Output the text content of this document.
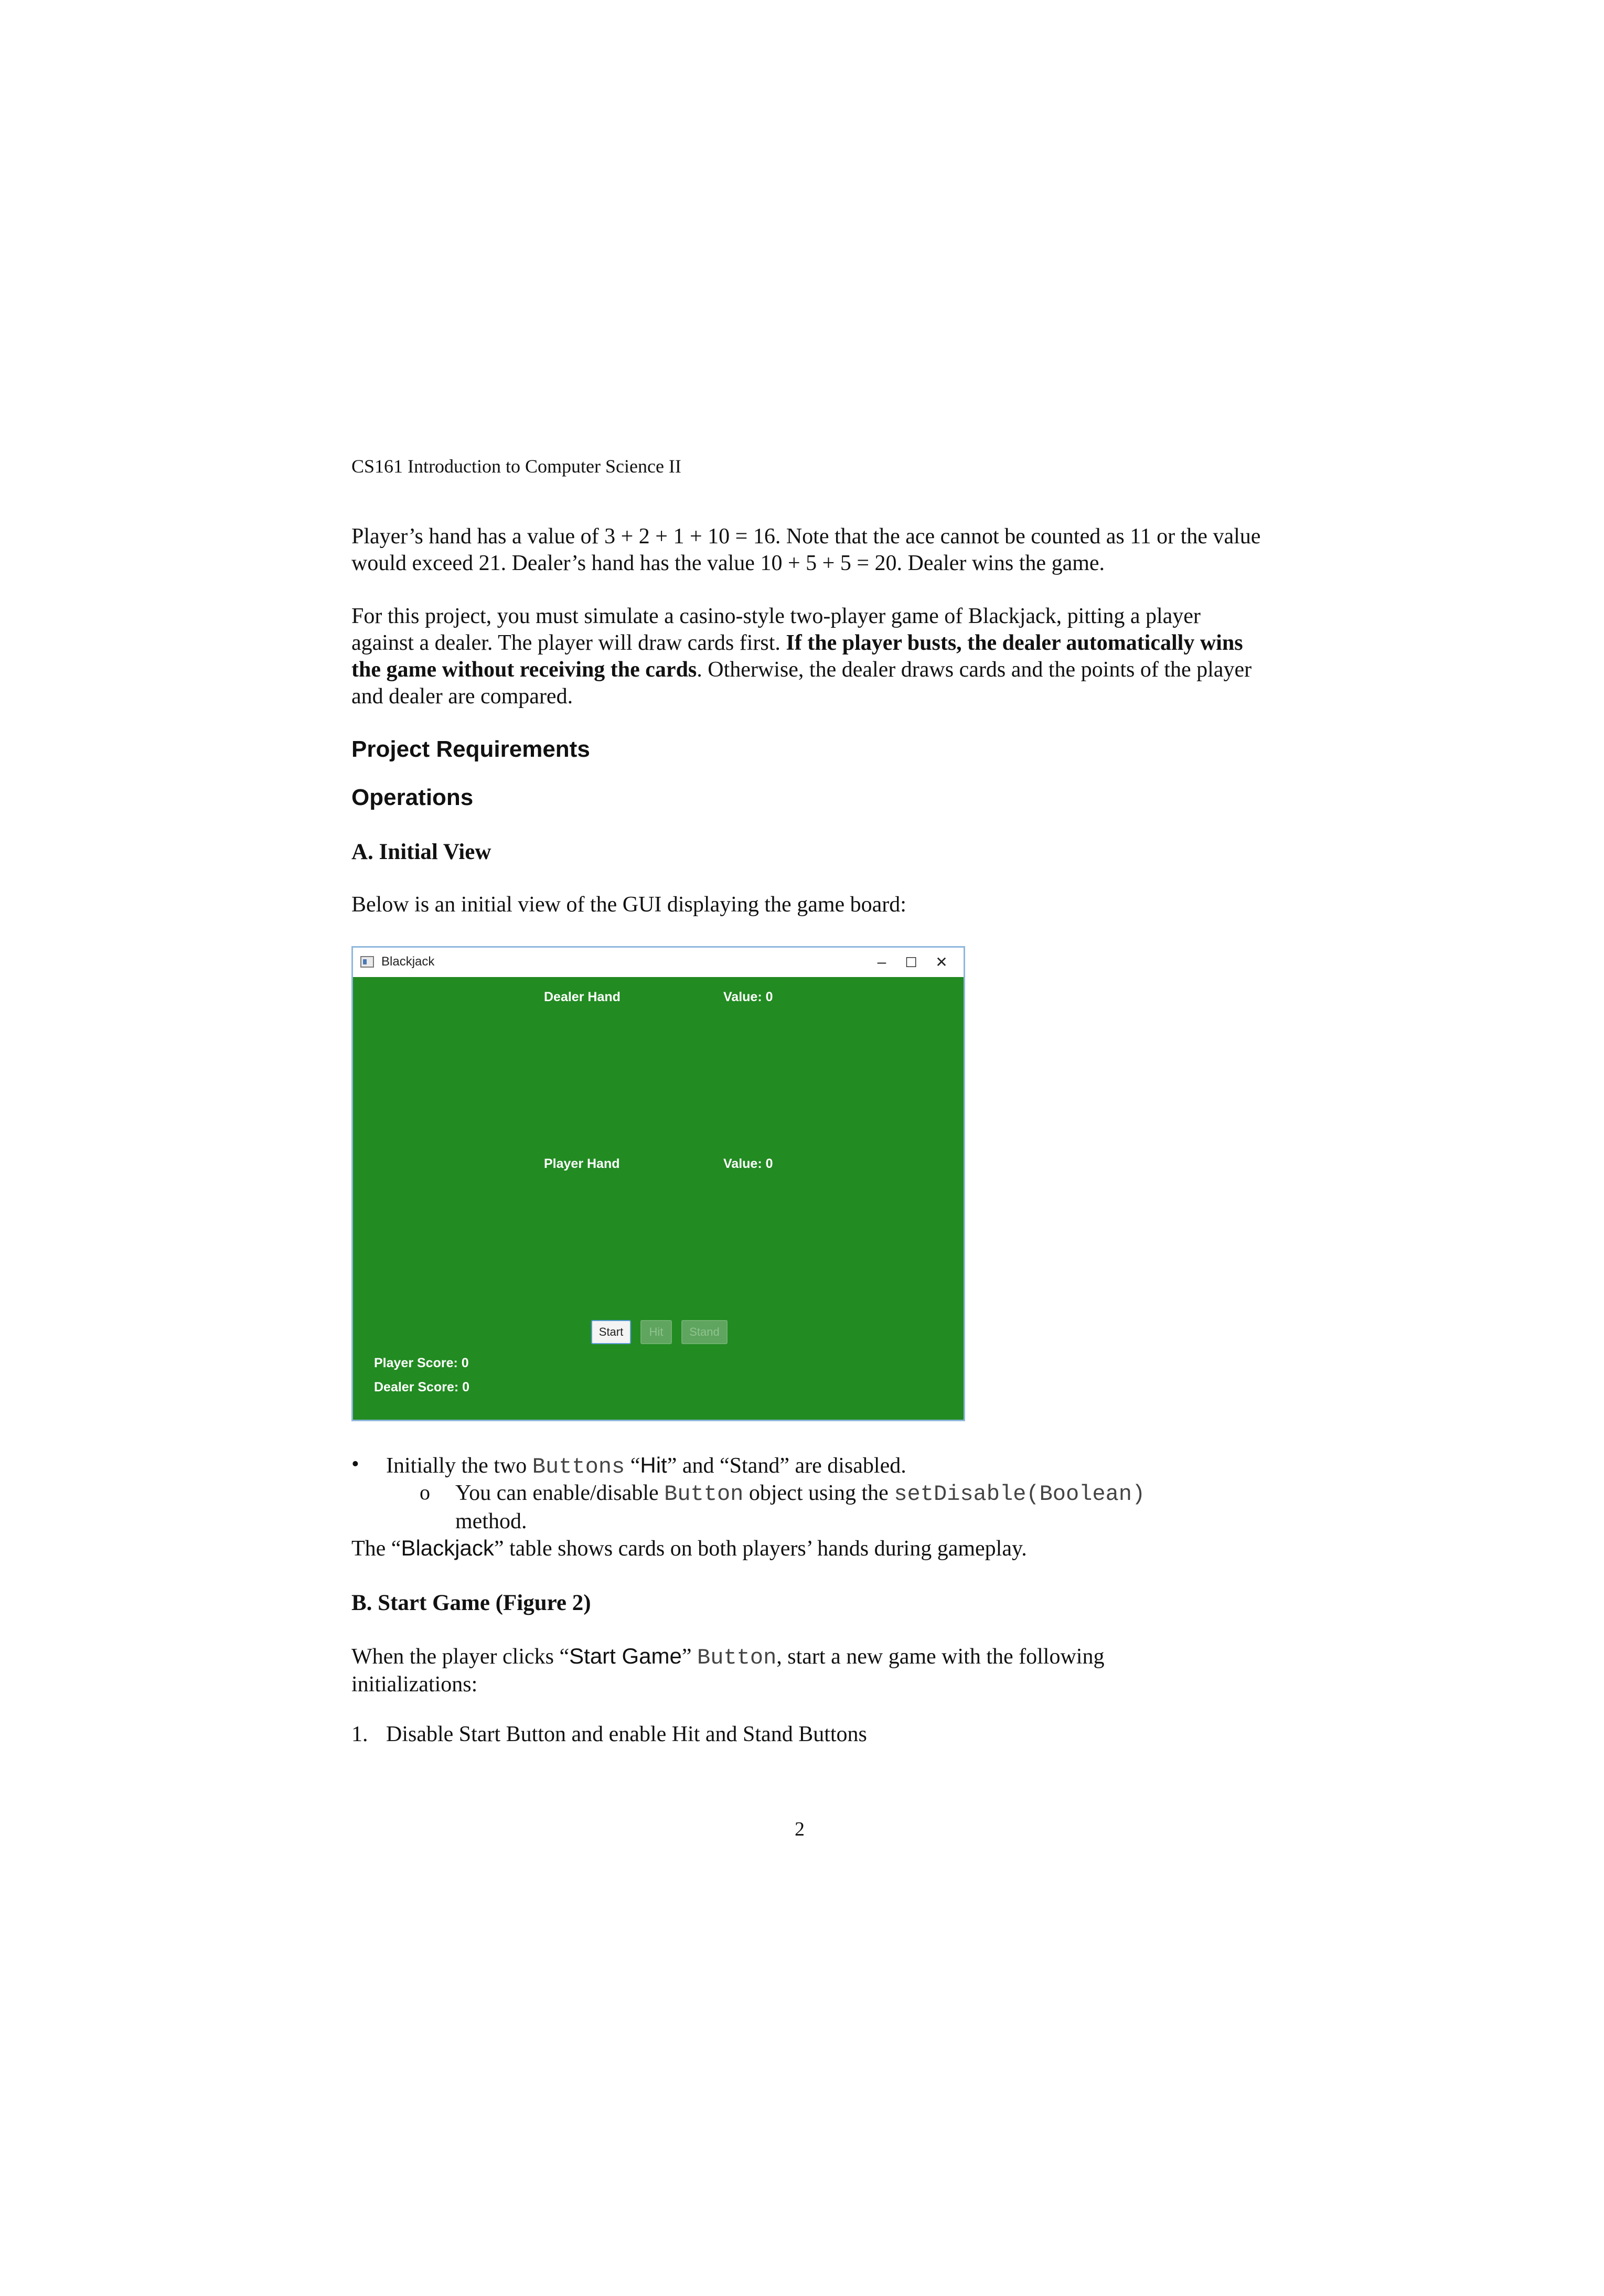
CS161 Introduction to Computer Science II
Player’s hand has a value of 3 + 2 + 1 + 10 = 16. Note that the ace cannot be counted as 11 or the value would exceed 21. Dealer’s hand has the value 10 + 5 + 5 = 20. Dealer wins the game.
For this project, you must simulate a casino-style two-player game of Blackjack, pitting a player against a dealer. The player will draw cards first. If the player busts, the dealer automatically wins the game without receiving the cards. Otherwise, the dealer draws cards and the points of the player and dealer are compared.
Project Requirements
Operations
A. Initial View
Below is an initial view of the GUI displaying the game board:
Blackjack	–	☐	✕
Dealer Hand	Value: 0
Player Hand	Value: 0
Start	Hit	Stand
Player Score: 0
Dealer Score: 0
• Initially the two Buttons “Hit” and “Stand” are disabled.
o You can enable/disable Button object using the setDisable(Boolean)
method.
The “Blackjack” table shows cards on both players’ hands during gameplay.
B. Start Game (Figure 2)
When the player clicks “Start Game” Button, start a new game with the following initializations:
1. Disable Start Button and enable Hit and Stand Buttons
2
